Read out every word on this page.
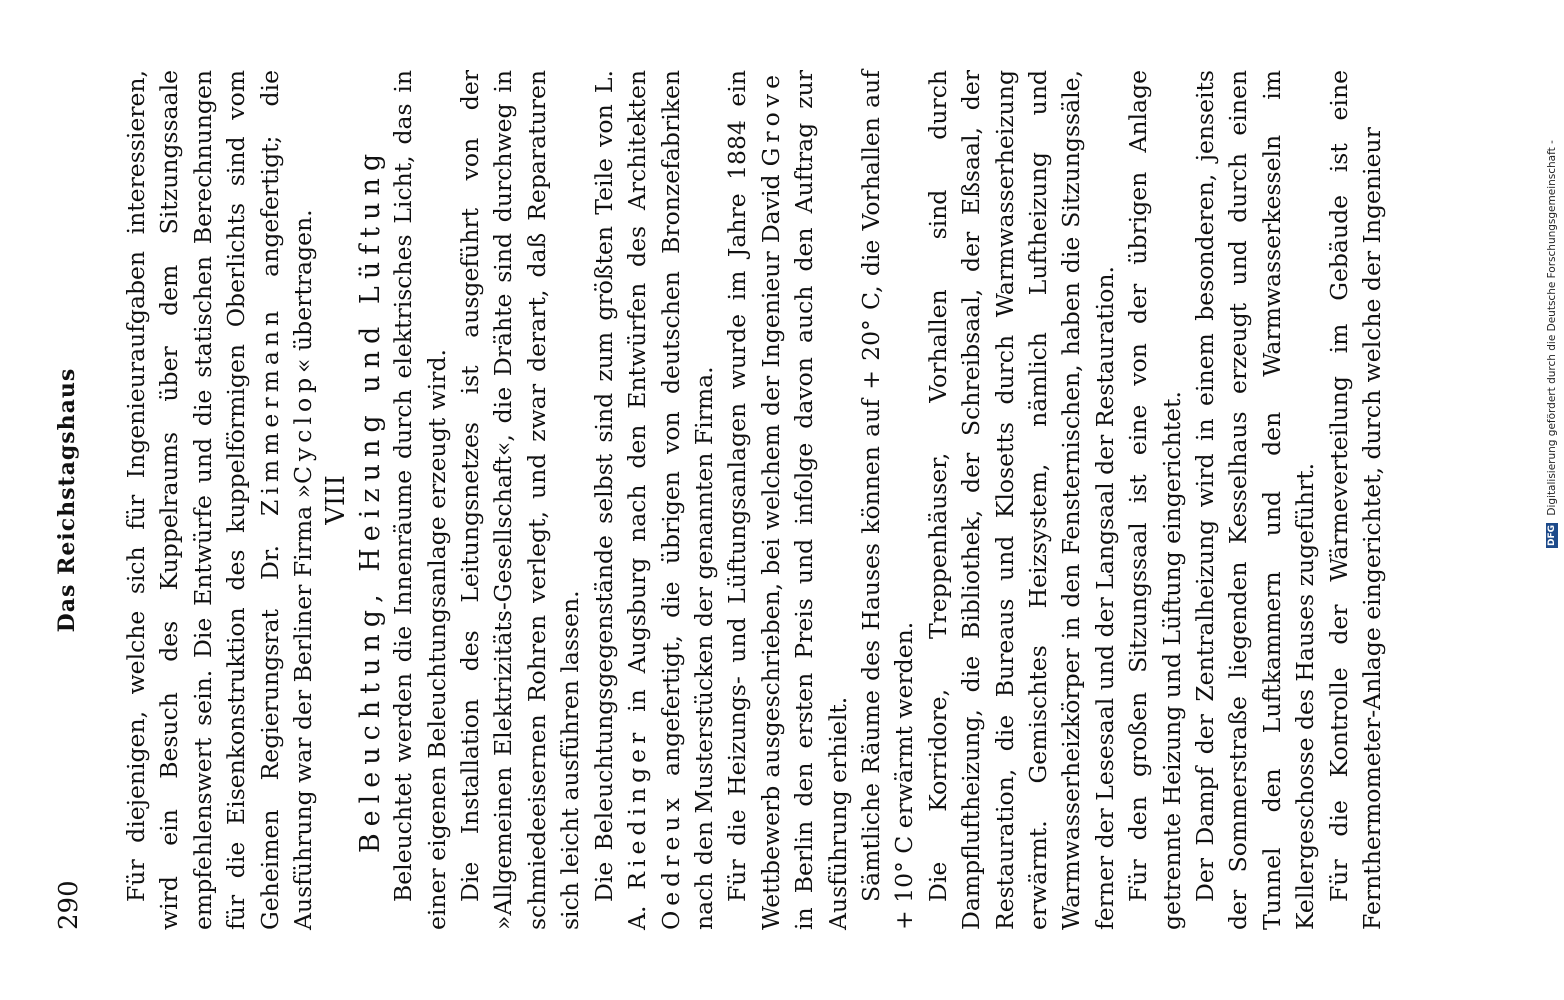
DFG Digitalisierung gefördert durch die Deutsche Forschungsgemeinschaft -
290
Das Reichstagshaus Für diejenigen, welche sich für Ingenieuraufgaben interessieren, wird ein Besuch des Kuppelraums über dem Sitzungssaale empfehlenswert sein. Die Entwürfe und die statischen Berechnungen für die Eisenkonstruktion des kuppelförmigen Oberlichts sind vom Geheimen Regierungsrat Dr. Zimmermann angefertigt; die Ausführung war der Berliner Firma »Cyclop« übertragen.

VIII Beleuchtung, Heizung und Lüftung Beleuchtet werden die Innenräume durch elektrisches Licht, das in einer eigenen Beleuchtungsanlage erzeugt wird. Die Installation des Leitungsnetzes ist ausgeführt von der »Allgemeinen Elektrizitäts-Gesellschaft«, die Drähte sind durchweg in schmiedeeisernen Rohren verlegt, und zwar derart, daß Reparaturen sich leicht ausführen lassen. Die Beleuchtungsgegenstände selbst sind zum größten Teile von L. A. Riedinger in Augsburg nach den Entwürfen des Architekten Oedreux angefertigt, die übrigen von deutschen Bronzefabriken nach den Musterstücken der genannten Firma. Für die Heizungs- und Lüftungsanlagen wurde im Jahre 1884 ein Wettbewerb ausgeschrieben, bei welchem der Ingenieur David Grove in Berlin den ersten Preis und infolge davon auch den Auftrag zur Ausführung erhielt. Sämtliche Räume des Hauses können auf + 20° C, die Vorhallen auf + 10° C erwärmt werden. Die Korridore, Treppenhäuser, Vorhallen sind durch Dampfluftheizung, die Bibliothek, der Schreibsaal, der Eßsaal, der Restauration, die Bureaus und Klosetts durch Warmwasserheizung erwärmt. Gemischtes Heizsystem, nämlich Luftheizung und Warmwasserheizkörper in den Fensternischen, haben die Sitzungssäle, ferner der Lesesaal und der Langsaal der Restauration. Für den großen Sitzungssaal ist eine von der übrigen Anlage getrennte Heizung und Lüftung eingerichtet. Der Dampf der Zentralheizung wird in einem besonderen, jenseits der Sommerstraße liegenden Kesselhaus erzeugt und durch einen Tunnel den Luftkammern und den Warmwasserkesseln im Kellergeschosse des Hauses zugeführt. Für die Kontrolle der Wärmeverteilung im Gebäude ist eine Fernthermometer-Anlage eingerichtet, durch welche der Ingenieur
